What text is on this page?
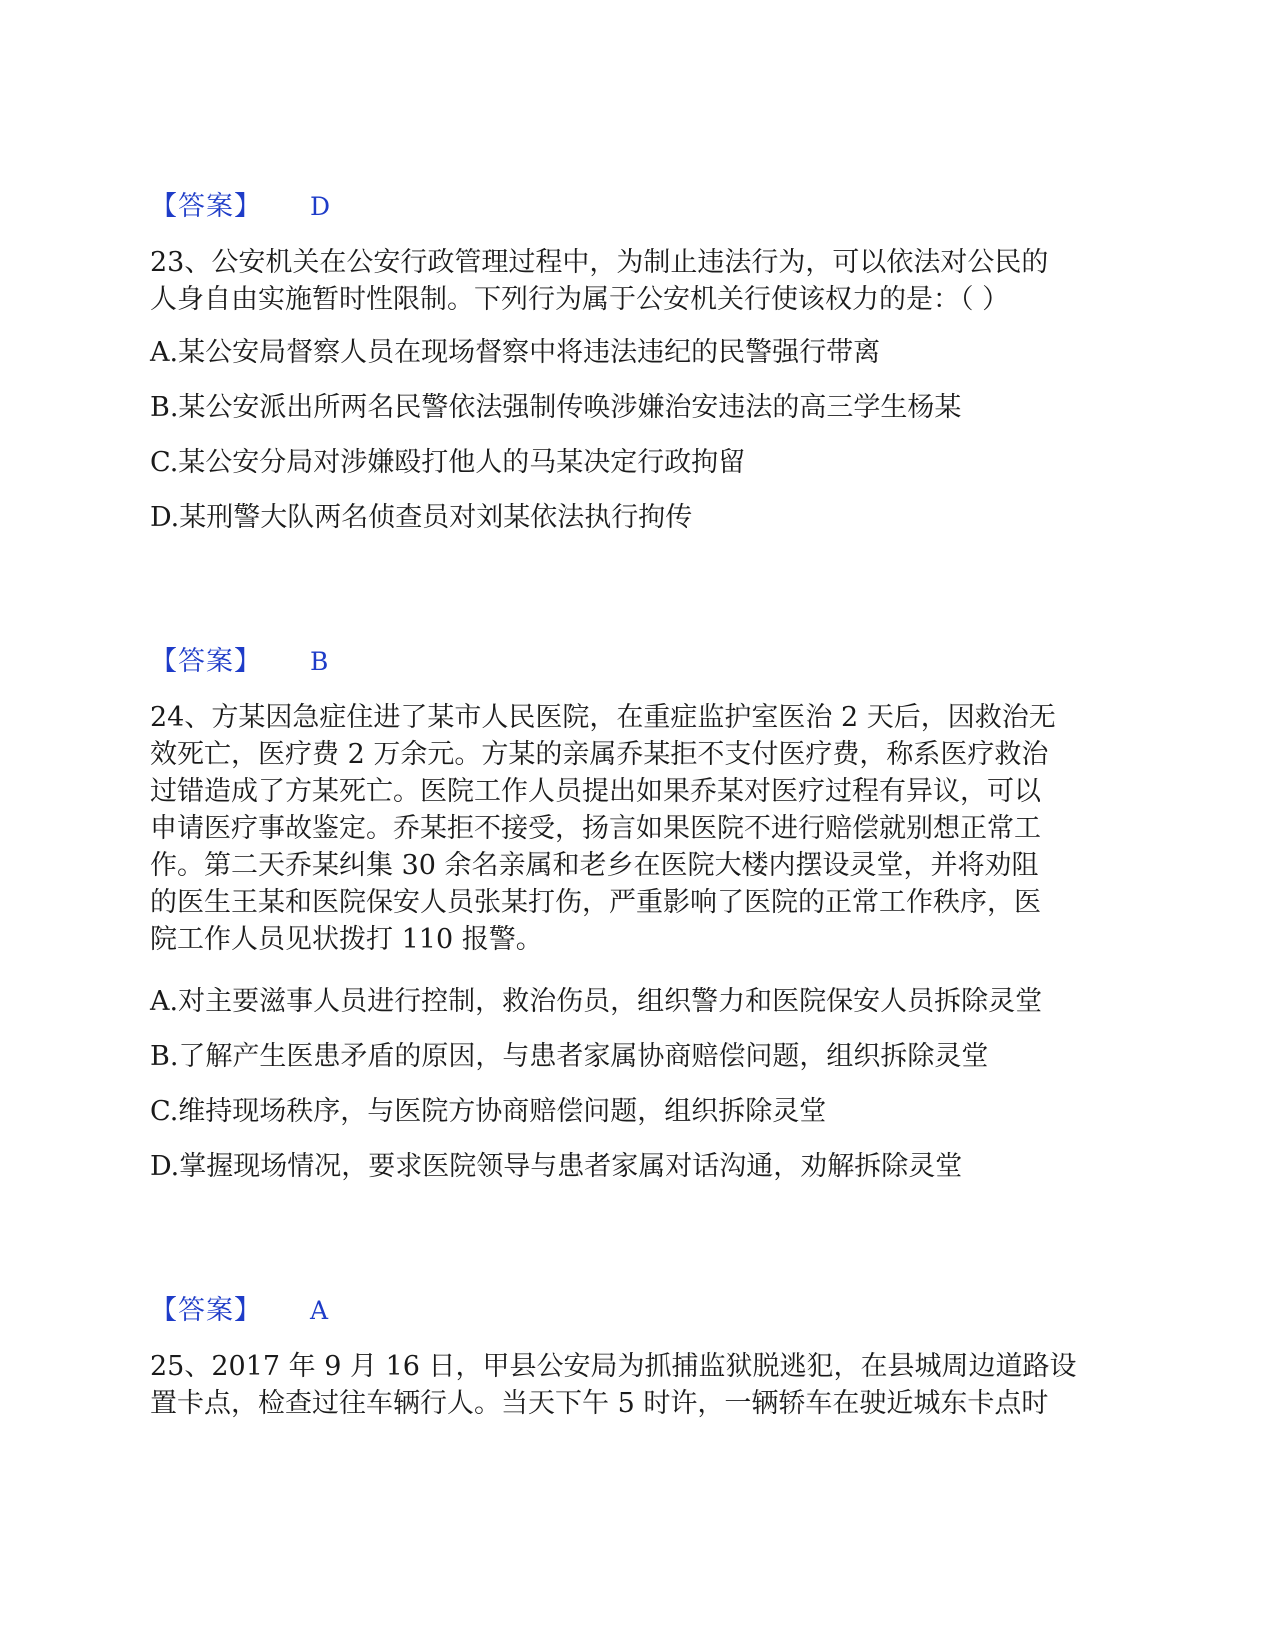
【答案】 D
23、公安机关在公安行政管理过程中，为制止违法行为，可以依法对公民的
人身自由实施暂时性限制。下列行为属于公安机关行使该权力的是：（ ）
A.某公安局督察人员在现场督察中将违法违纪的民警强行带离
B.某公安派出所两名民警依法强制传唤涉嫌治安违法的高三学生杨某
C.某公安分局对涉嫌殴打他人的马某决定行政拘留
D.某刑警大队两名侦查员对刘某依法执行拘传
【答案】 B
24、方某因急症住进了某市人民医院，在重症监护室医治 2 天后，因救治无
效死亡，医疗费 2 万余元。方某的亲属乔某拒不支付医疗费，称系医疗救治
过错造成了方某死亡。医院工作人员提出如果乔某对医疗过程有异议，可以
申请医疗事故鉴定。乔某拒不接受，扬言如果医院不进行赔偿就别想正常工
作。第二天乔某纠集 30 余名亲属和老乡在医院大楼内摆设灵堂，并将劝阻
的医生王某和医院保安人员张某打伤，严重影响了医院的正常工作秩序，医
院工作人员见状拨打 110 报警。
A.对主要滋事人员进行控制，救治伤员，组织警力和医院保安人员拆除灵堂
B.了解产生医患矛盾的原因，与患者家属协商赔偿问题，组织拆除灵堂
C.维持现场秩序，与医院方协商赔偿问题，组织拆除灵堂
D.掌握现场情况，要求医院领导与患者家属对话沟通，劝解拆除灵堂
【答案】 A
25、2017 年 9 月 16 日，甲县公安局为抓捕监狱脱逃犯，在县城周边道路设
置卡点，检查过往车辆行人。当天下午 5 时许，一辆轿车在驶近城东卡点时
